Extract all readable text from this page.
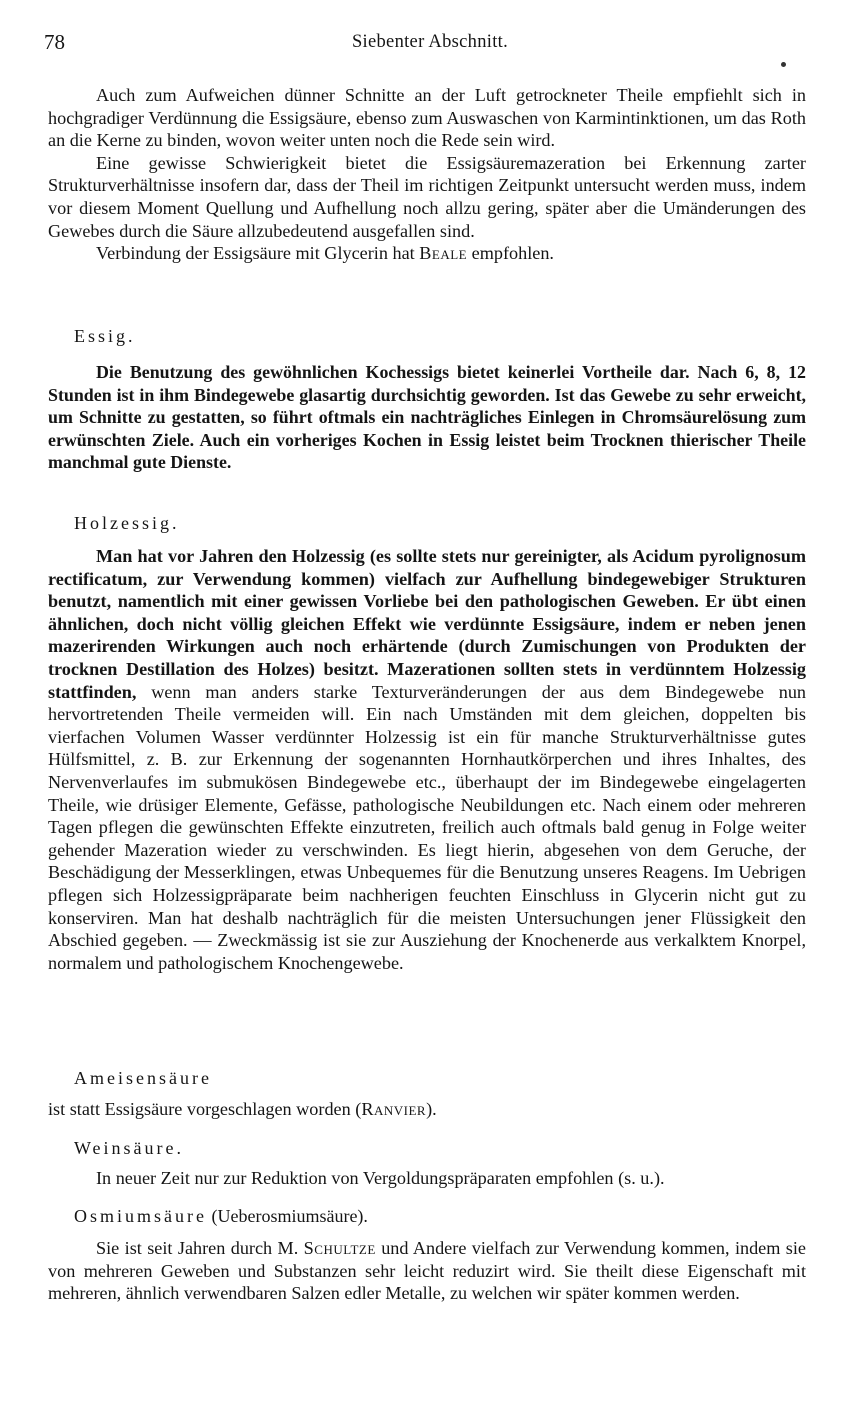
78	Siebenter Abschnitt.

Auch zum Aufweichen dünner Schnitte an der Luft getrockneter Theile empfiehlt sich in hochgradiger Verdünnung die Essigsäure, ebenso zum Auswaschen von Karmintinktionen, um das Roth an die Kerne zu binden, wovon weiter unten noch die Rede sein wird.

Eine gewisse Schwierigkeit bietet die Essigsäuremazeration bei Erkennung zarter Strukturverhältnisse insofern dar, dass der Theil im richtigen Zeitpunkt untersucht werden muss, indem vor diesem Moment Quellung und Aufhellung noch allzu gering, später aber die Umänderungen des Gewebes durch die Säure allzubedeutend ausgefallen sind.

Verbindung der Essigsäure mit Glycerin hat Beale empfohlen.

Essig.

Die Benutzung des gewöhnlichen Kochessigs bietet keinerlei Vortheile dar. Nach 6, 8, 12 Stunden ist in ihm Bindegewebe glasartig durchsichtig geworden. Ist das Gewebe zu sehr erweicht, um Schnitte zu gestatten, so führt oftmals ein nachträgliches Einlegen in Chromsäurelösung zum erwünschten Ziele. Auch ein vorheriges Kochen in Essig leistet beim Trocknen thierischer Theile manchmal gute Dienste.

Holzessig.

Man hat vor Jahren den Holzessig (es sollte stets nur gereinigter, als Acidum pyrolignosum rectificatum, zur Verwendung kommen) vielfach zur Aufhellung bindegewebiger Strukturen benutzt, namentlich mit einer gewissen Vorliebe bei den pathologischen Geweben. Er übt einen ähnlichen, doch nicht völlig gleichen Effekt wie verdünnte Essigsäure, indem er neben jenen mazerirenden Wirkungen auch noch erhärtende (durch Zumischungen von Produkten der trocknen Destillation des Holzes) besitzt. Mazerationen sollten stets in verdünntem Holzessig stattfinden, wenn man anders starke Texturveränderungen der aus dem Bindegewebe nun hervortretenden Theile vermeiden will. Ein nach Umständen mit dem gleichen, doppelten bis vierfachen Volumen Wasser verdünnter Holzessig ist ein für manche Strukturverhältnisse gutes Hülfsmittel, z. B. zur Erkennung der sogenannten Hornhautkörperchen und ihres Inhaltes, des Nervenverlaufes im submukösen Bindegewebe etc., überhaupt der im Bindegewebe eingelagerten Theile, wie drüsiger Elemente, Gefässe, pathologische Neubildungen etc. Nach einem oder mehreren Tagen pflegen die gewünschten Effekte einzutreten, freilich auch oftmals bald genug in Folge weiter gehender Mazeration wieder zu verschwinden. Es liegt hierin, abgesehen von dem Geruche, der Beschädigung der Messerklingen, etwas Unbequemes für die Benutzung unseres Reagens. Im Uebrigen pflegen sich Holzessigpräparate beim nachherigen feuchten Einschluss in Glycerin nicht gut zu konserviren. Man hat deshalb nachträglich für die meisten Untersuchungen jener Flüssigkeit den Abschied gegeben. — Zweckmässig ist sie zur Ausziehung der Knochenerde aus verkalktem Knorpel, normalem und pathologischem Knochengewebe.

Ameisensäure

ist statt Essigsäure vorgeschlagen worden (Ranvier).

Weinsäure.

In neuer Zeit nur zur Reduktion von Vergoldungspräparaten empfohlen (s. u.).

Osmiumsäure (Ueberosmiumsäure).

Sie ist seit Jahren durch M. Schultze und Andere vielfach zur Verwendung kommen, indem sie von mehreren Geweben und Substanzen sehr leicht reduzirt wird. Sie theilt diese Eigenschaft mit mehreren, ähnlich verwendbaren Salzen edler Metalle, zu welchen wir später kommen werden.
